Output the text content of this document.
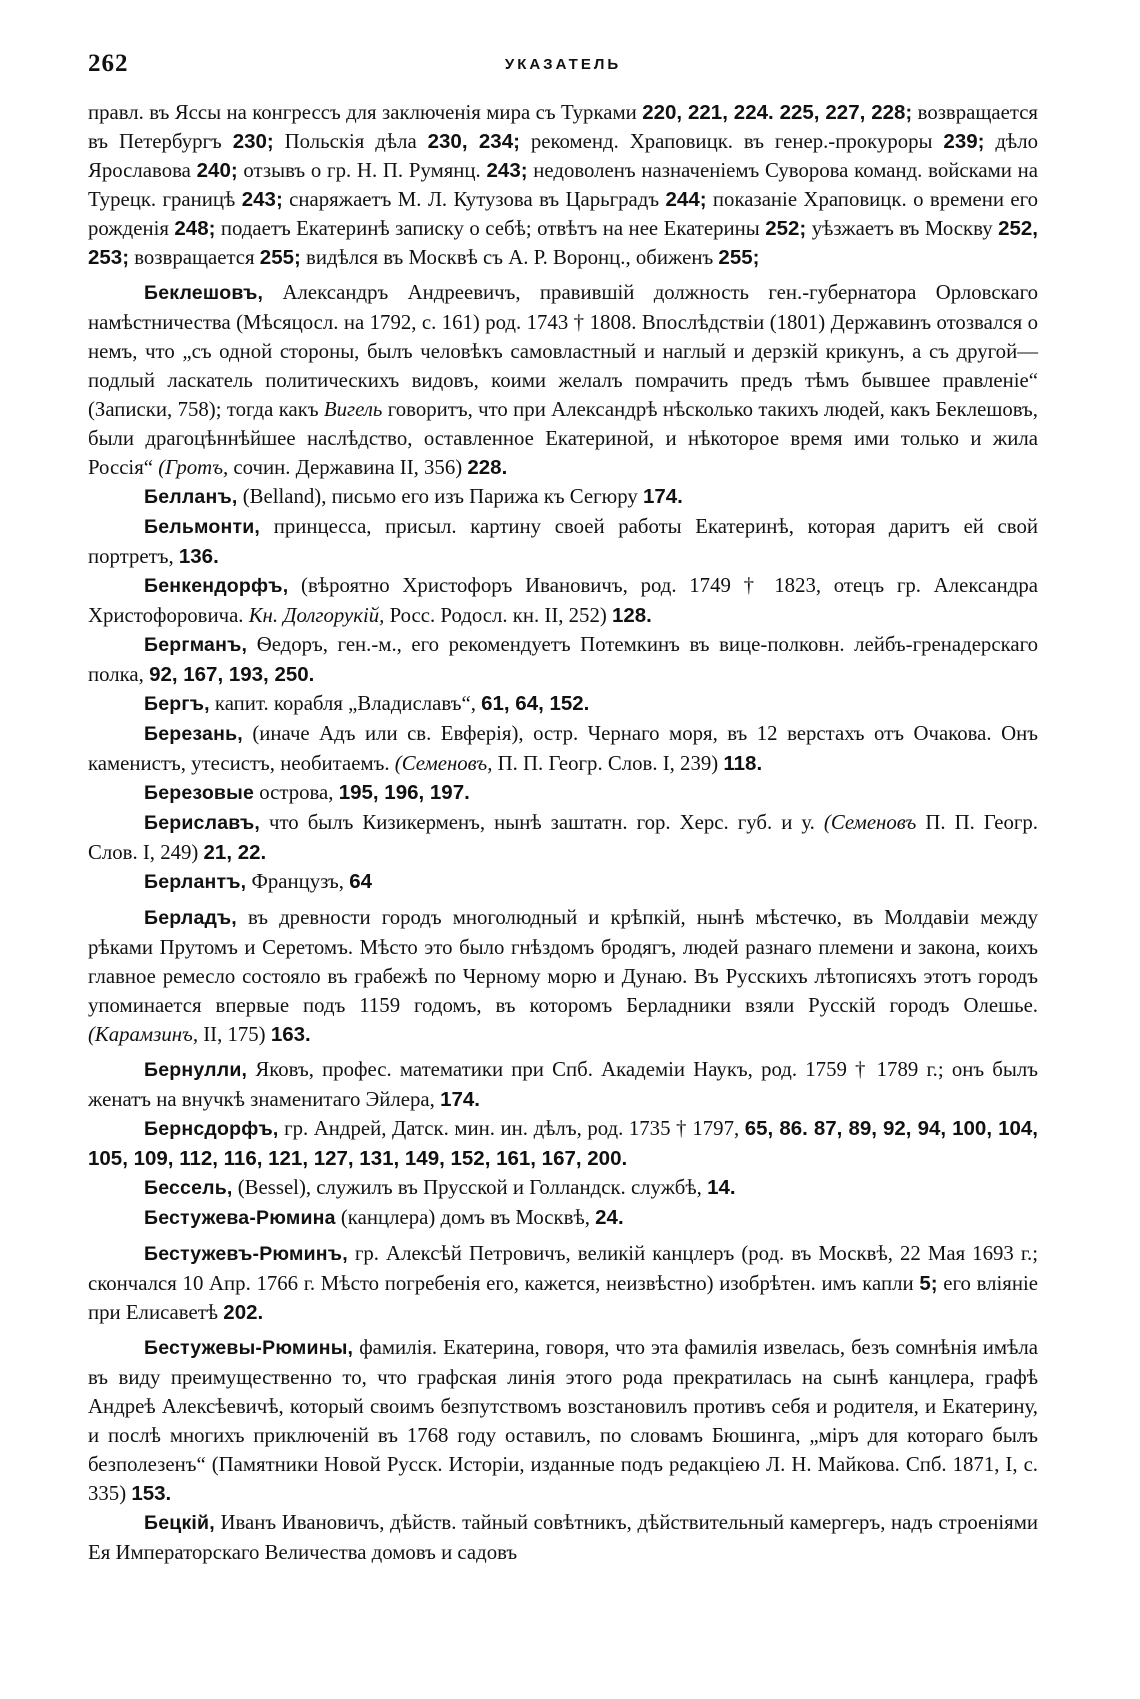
262	УКАЗАТЕЛЬ

правл. въ Яссы на конгрессъ для заключенія мира съ Турками 220, 221, 224. 225, 227, 228; возвращается въ Петербургъ 230; Польскія дѣла 230, 234; рекоменд. Храповицк. въ генер.-прокуроры 239; дѣло Ярославова 240; отзывъ о гр. Н. П. Румянц. 243; недоволенъ назначеніемъ Суворова команд. войсками на Турецк. границѣ 243; снаряжаетъ М. Л. Кутузова въ Царьградъ 244; показаніе Храповицк. о времени его рожденія 248; подаетъ Екатеринѣ записку о себѣ; отвѣтъ на нее Екатерины 252; уѣзжаетъ въ Москву 252, 253; возвращается 255; видѣлся въ Москвѣ съ А. Р. Воронц., обиженъ 255;

Беклешовъ, Александръ Андреевичъ, правившій должность ген.-губернатора Орловскаго намѣстничества (Мѣсяцосл. на 1792, с. 161) род. 1743 † 1808. Впослѣдствіи (1801) Державинъ отозвался о немъ, что „съ одной стороны, былъ человѣкъ самовластный и наглый и дерзкій крикунъ, а съ другой—подлый ласкатель политическихъ видовъ, коими желалъ помрачить предъ тѣмъ бывшее правленіе“ (Записки, 758); тогда какъ Вигель говоритъ, что при Александрѣ нѣсколько такихъ людей, какъ Беклешовъ, были драгоцѣннѣйшее наслѣдство, оставленное Екатериной, и нѣкоторое время ими только и жила Россія“ (Гротъ, сочин. Державина II, 356) 228.

Белланъ, (Belland), письмо его изъ Парижа къ Сегюру 174.

Бельмонти, принцесса, присыл. картину своей работы Екатеринѣ, которая даритъ ей свой портретъ, 136.

Бенкендорфъ, (вѣроятно Христофоръ Ивановичъ, род. 1749 † 1823, отецъ гр. Александра Христофоровича. Кн. Долгорукій, Росс. Родосл. кн. II, 252) 128.

Бергманъ, Ѳедоръ, ген.-м., его рекомендуетъ Потемкинъ въ вице-полковн. лейбъ-гренадерскаго полка, 92, 167, 193, 250.

Бергъ, капит. корабля „Владиславъ“, 61, 64, 152.

Березань, (иначе Адъ или св. Евферія), остр. Чернаго моря, въ 12 верстахъ отъ Очакова. Онъ каменистъ, утесистъ, необитаемъ. (Семеновъ, П. П. Геогр. Слов. I, 239) 118.

Березовые острова, 195, 196, 197.

Бериславъ, что былъ Кизикерменъ, нынѣ заштатн. гор. Херс. губ. и у. (Семеновъ П. П. Геогр. Слов. I, 249) 21, 22.

Берлантъ, Французъ, 64

Берладъ, въ древности городъ многолюдный и крѣпкій, нынѣ мѣстечко, въ Молдавіи между рѣками Прутомъ и Серетомъ. Мѣсто это было гнѣздомъ бродягъ, людей разнаго племени и закона, коихъ главное ремесло состояло въ грабежѣ по Черному морю и Дунаю. Въ Русскихъ лѣтописяхъ этотъ городъ упоминается впервые подъ 1159 годомъ, въ которомъ Берладники взяли Русскій городъ Олешье. (Карамзинъ, II, 175) 163.

Бернулли, Яковъ, профес. математики при Спб. Академіи Наукъ, род. 1759 † 1789 г.; онъ былъ женатъ на внучкѣ знаменитаго Эйлера, 174.

Бернсдорфъ, гр. Андрей, Датск. мин. ин. дѣлъ, род. 1735 † 1797, 65, 86. 87, 89, 92, 94, 100, 104, 105, 109, 112, 116, 121, 127, 131, 149, 152, 161, 167, 200.

Бессель, (Bessel), служилъ въ Прусской и Голландск. службѣ, 14.

Бестужева-Рюмина (канцлера) домъ въ Москвѣ, 24.

Бестужевъ-Рюминъ, гр. Алексѣй Петровичъ, великій канцлеръ (род. въ Москвѣ, 22 Мая 1693 г.; скончался 10 Апр. 1766 г. Мѣсто погребенія его, кажется, неизвѣстно) изобрѣтен. имъ капли 5; его вліяніе при Елисаветѣ 202.

Бестужевы-Рюмины, фамилія. Екатерина, говоря, что эта фамилія извелась, безъ сомнѣнія имѣла въ виду преимущественно то, что графская линія этого рода прекратилась на сынѣ канцлера, графѣ Андреѣ Алексѣевичѣ, который своимъ безпутствомъ возстановилъ противъ себя и родителя, и Екатерину, и послѣ многихъ приключеній въ 1768 году оставилъ, по словамъ Бюшинга, „міръ для котораго былъ безполезенъ“ (Памятники Новой Русск. Исторіи, изданные подъ редакціею Л. Н. Майкова. Спб. 1871, I, с. 335) 153.

Бецкій, Иванъ Ивановичъ, дѣйств. тайный совѣтникъ, дѣйствительный камергеръ, надъ строеніями Ея Императорскаго Величества домовъ и садовъ
